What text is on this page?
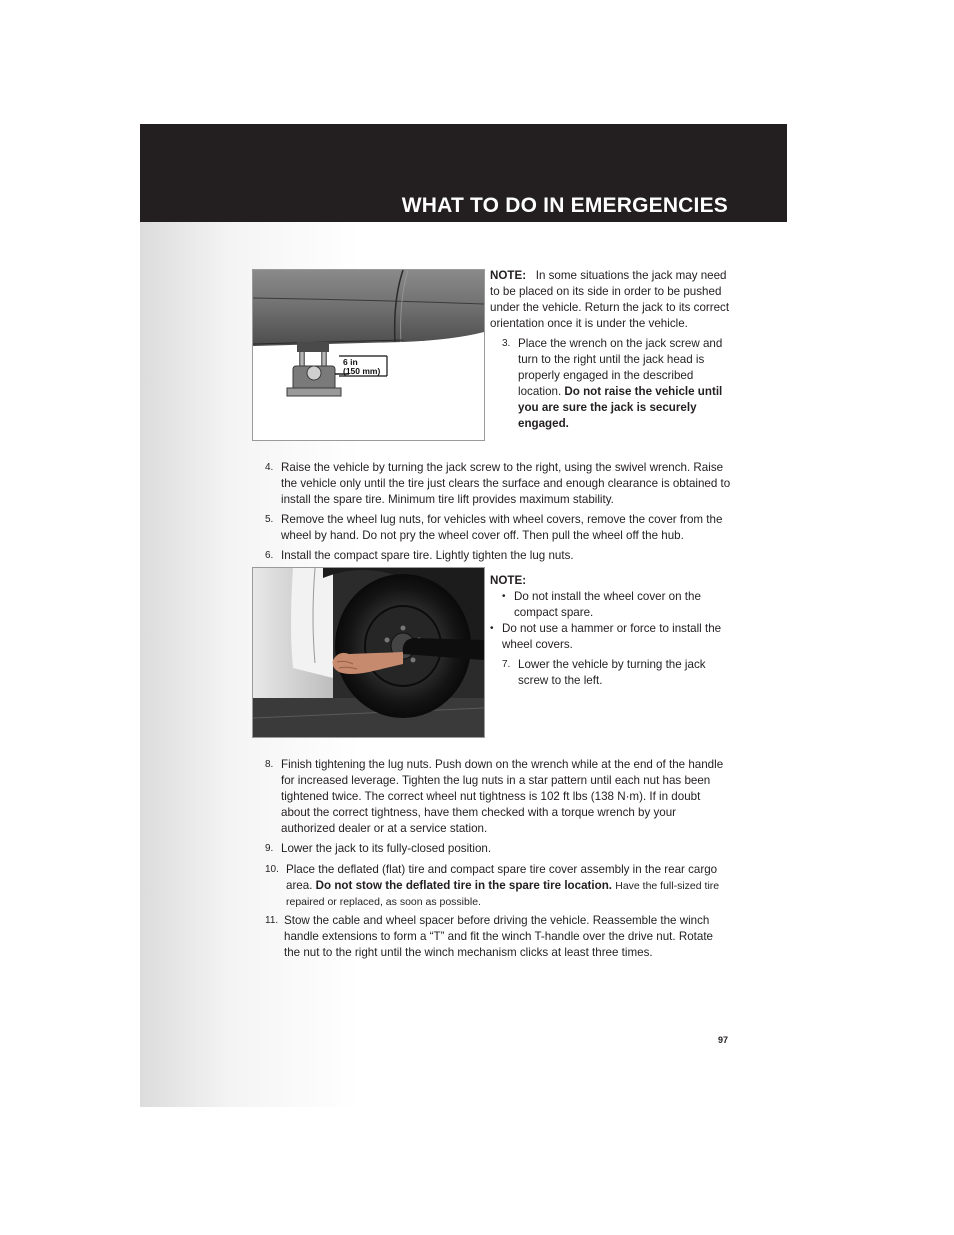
WHAT TO DO IN EMERGENCIES
6 in
(150 mm)

NOTE: In some situations the jack may need to be placed on its side in order to be pushed under the vehicle. Return the jack to its correct orientation once it is under the vehicle.

3. Place the wrench on the jack screw and turn to the right until the jack head is properly engaged in the described location. Do not raise the vehicle until you are sure the jack is securely engaged.

4. Raise the vehicle by turning the jack screw to the right, using the swivel wrench. Raise the vehicle only until the tire just clears the surface and enough clearance is obtained to install the spare tire. Minimum tire lift provides maximum stability.

5. Remove the wheel lug nuts, for vehicles with wheel covers, remove the cover from the wheel by hand. Do not pry the wheel cover off. Then pull the wheel off the hub.

6. Install the compact spare tire. Lightly tighten the lug nuts.

NOTE:

• Do not install the wheel cover on the compact spare.

• Do not use a hammer or force to install the wheel covers.

7. Lower the vehicle by turning the jack screw to the left.

8. Finish tightening the lug nuts. Push down on the wrench while at the end of the handle for increased leverage. Tighten the lug nuts in a star pattern until each nut has been tightened twice. The correct wheel nut tightness is 102 ft lbs (138 N·m). If in doubt about the correct tightness, have them checked with a torque wrench by your authorized dealer or at a service station.

9. Lower the jack to its fully-closed position.

10. Place the deflated (flat) tire and compact spare tire cover assembly in the rear cargo area. Do not stow the deflated tire in the spare tire location. Have the full-sized tire repaired or replaced, as soon as possible.

11. Stow the cable and wheel spacer before driving the vehicle. Reassemble the winch handle extensions to form a “T” and fit the winch T-handle over the drive nut. Rotate the nut to the right until the winch mechanism clicks at least three times.

97
